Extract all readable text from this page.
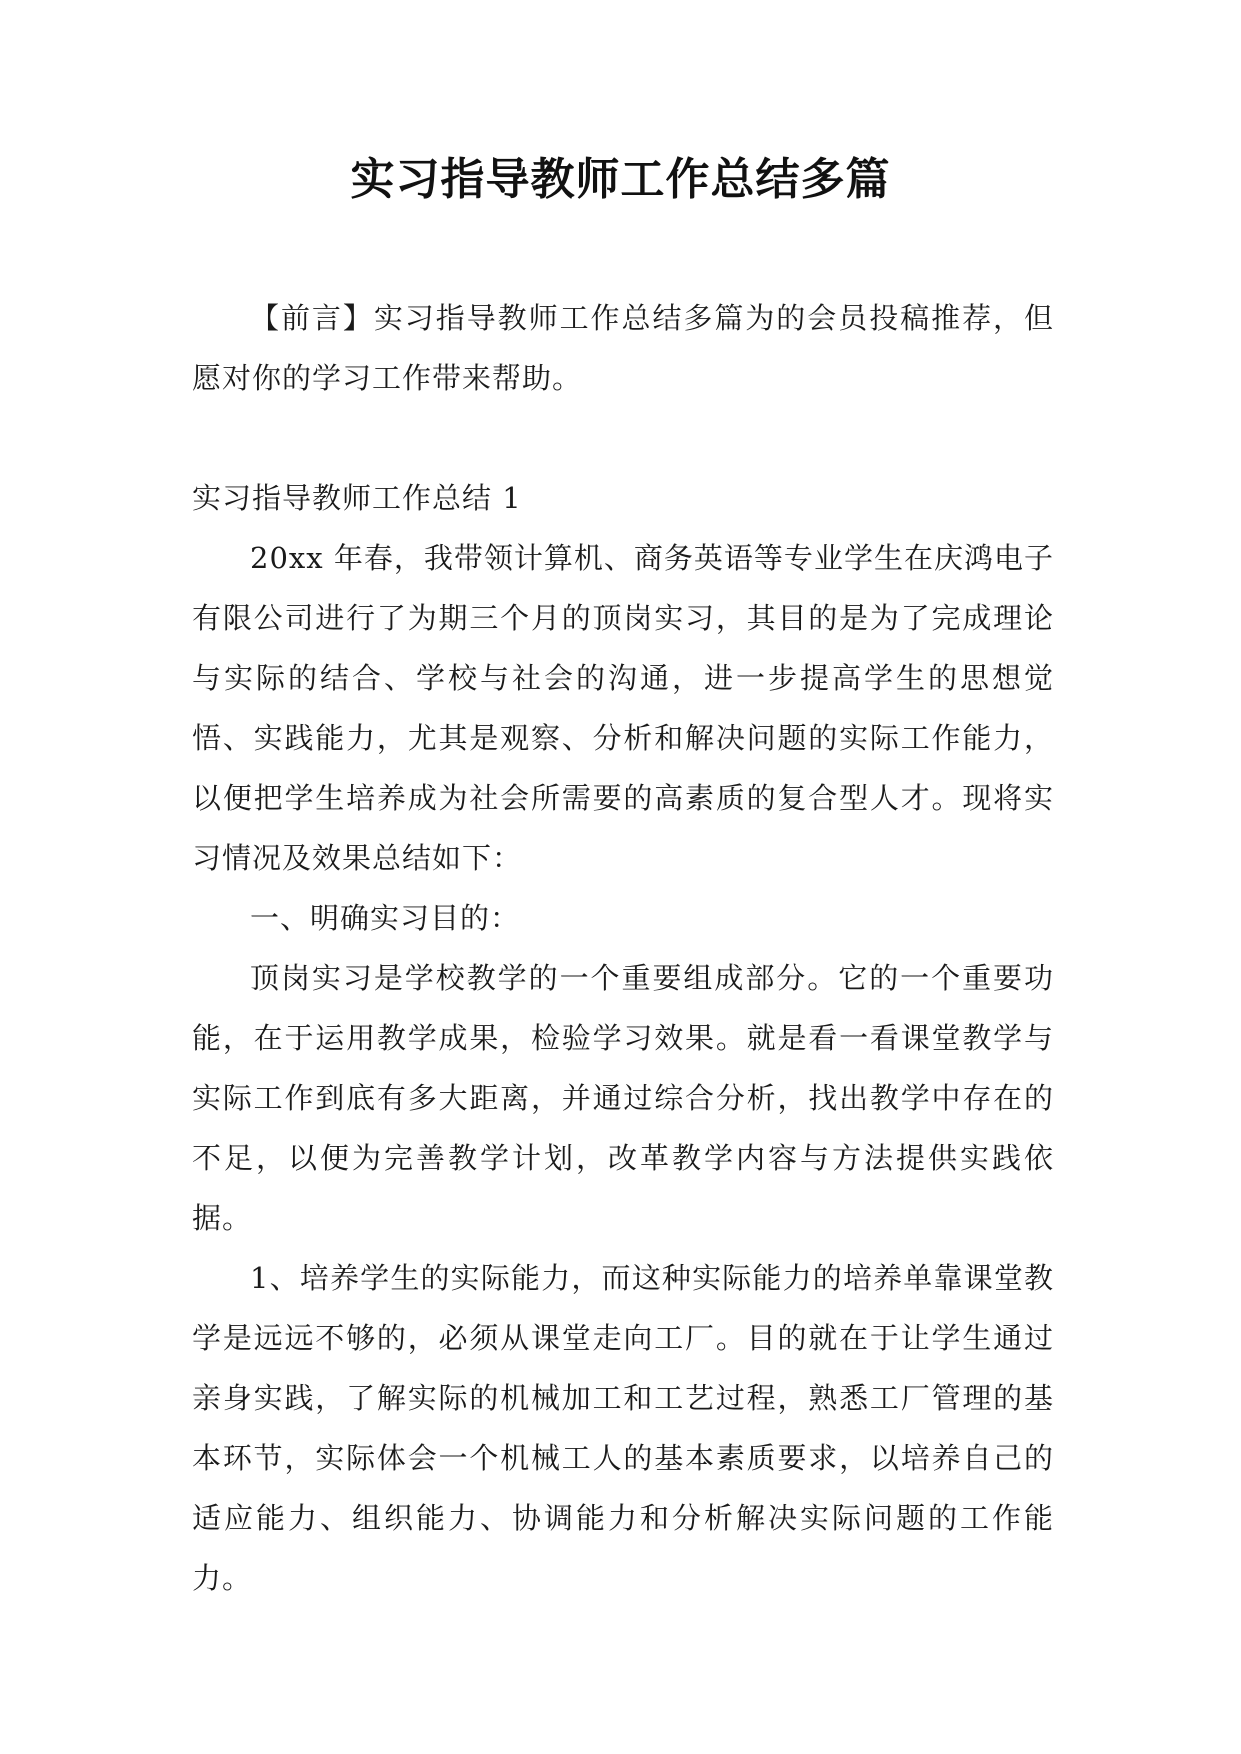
实习指导教师工作总结多篇

【前言】实习指导教师工作总结多篇为的会员投稿推荐，但愿对你的学习工作带来帮助。

实习指导教师工作总结 1

20xx 年春，我带领计算机、商务英语等专业学生在庆鸿电子有限公司进行了为期三个月的顶岗实习，其目的是为了完成理论与实际的结合、学校与社会的沟通，进一步提高学生的思想觉悟、实践能力，尤其是观察、分析和解决问题的实际工作能力，以便把学生培养成为社会所需要的高素质的复合型人才。现将实习情况及效果总结如下：

一、明确实习目的：

顶岗实习是学校教学的一个重要组成部分。它的一个重要功能，在于运用教学成果，检验学习效果。就是看一看课堂教学与实际工作到底有多大距离，并通过综合分析，找出教学中存在的不足，以便为完善教学计划，改革教学内容与方法提供实践依据。

1、培养学生的实际能力，而这种实际能力的培养单靠课堂教学是远远不够的，必须从课堂走向工厂。目的就在于让学生通过亲身实践，了解实际的机械加工和工艺过程，熟悉工厂管理的基本环节，实际体会一个机械工人的基本素质要求，以培养自己的适应能力、组织能力、协调能力和分析解决实际问题的工作能力。
